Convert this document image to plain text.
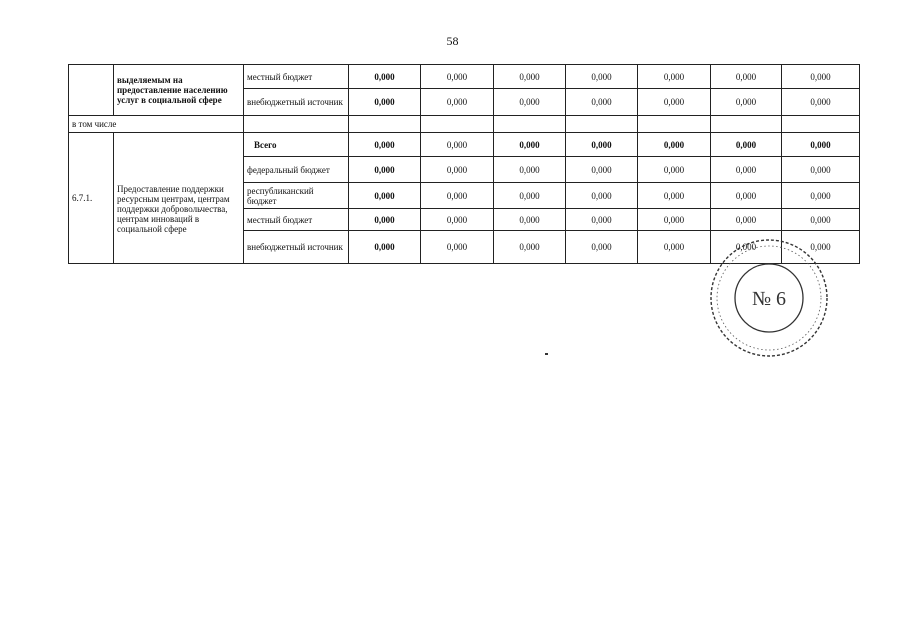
58
	выделяемым на предоставление населению услуг в социальной сфере	местный бюджет	0,000	0,000	0,000	0,000	0,000	0,000	0,000
		внебюджетный источник	0,000	0,000	0,000	0,000	0,000	0,000	0,000
в том числе									
6.7.1.	Предоставление поддержки ресурсным центрам, центрам поддержки добровольчества, центрам инноваций в социальной сфере	Всего	0,000	0,000	0,000	0,000	0,000	0,000	0,000
		федеральный бюджет	0,000	0,000	0,000	0,000	0,000	0,000	0,000
		республиканский бюджет	0,000	0,000	0,000	0,000	0,000	0,000	0,000
		местный бюджет	0,000	0,000	0,000	0,000	0,000	0,000	0,000
		внебюджетный источник	0,000	0,000	0,000	0,000	0,000	0,000	0,000
№ 6
